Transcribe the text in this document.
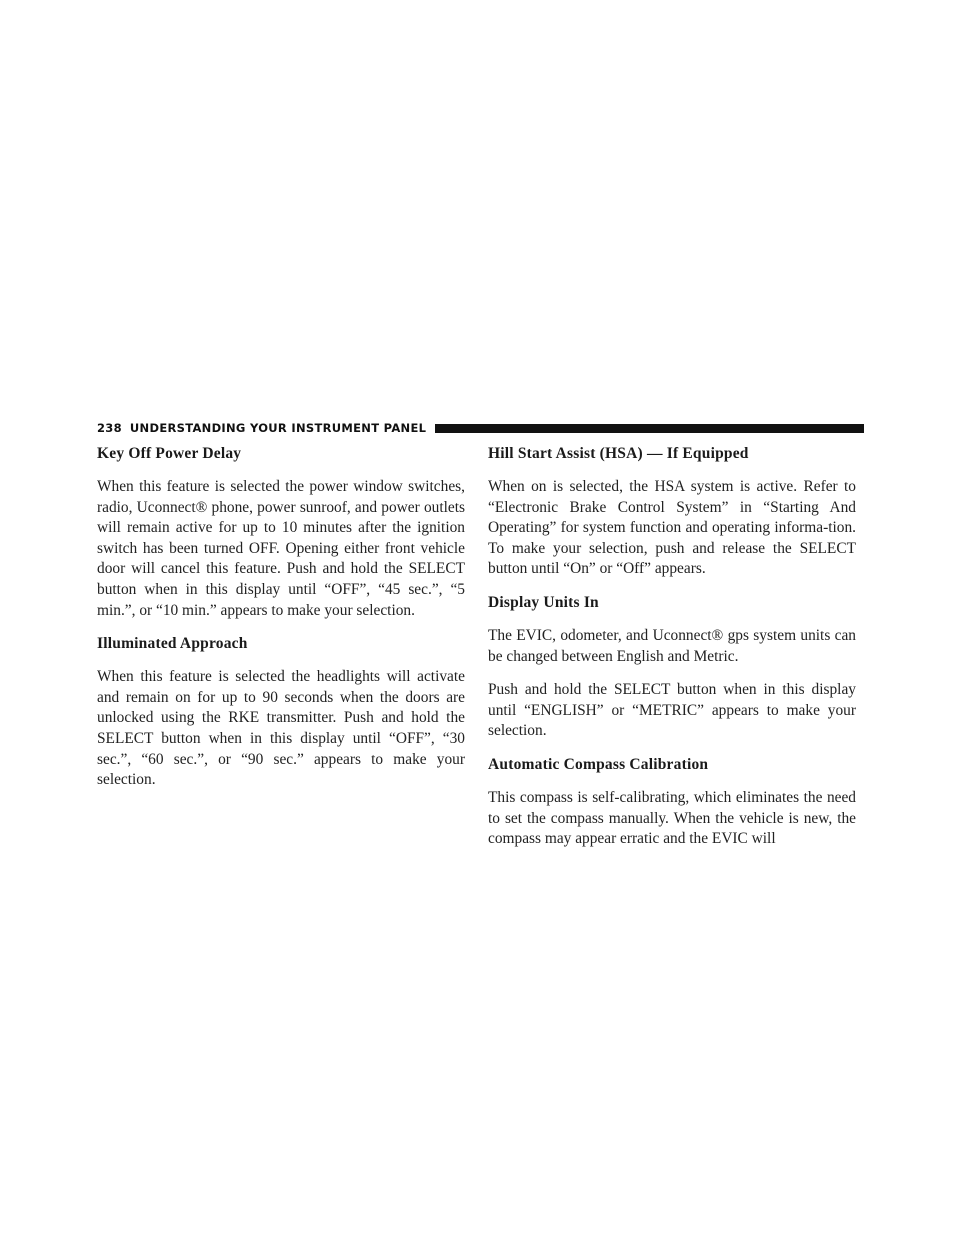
238 UNDERSTANDING YOUR INSTRUMENT PANEL
Key Off Power Delay

When this feature is selected the power window switches, radio, Uconnect® phone, power sunroof, and power outlets will remain active for up to 10 minutes after the ignition switch has been turned OFF. Opening either front vehicle door will cancel this feature. Push and hold the SELECT button when in this display until “OFF”, “45 sec.”, “5 min.”, or “10 min.” appears to make your selection.

Illuminated Approach

When this feature is selected the headlights will activate and remain on for up to 90 seconds when the doors are unlocked using the RKE transmitter. Push and hold the SELECT button when in this display until “OFF”, “30 sec.”, “60 sec.”, or “90 sec.” appears to make your selection.

Hill Start Assist (HSA) — If Equipped

When on is selected, the HSA system is active. Refer to “Electronic Brake Control System” in “Starting And Operating” for system function and operating informa-tion. To make your selection, push and release the SELECT button until “On” or “Off” appears.

Display Units In

The EVIC, odometer, and Uconnect® gps system units can be changed between English and Metric.

Push and hold the SELECT button when in this display until “ENGLISH” or “METRIC” appears to make your selection.

Automatic Compass Calibration

This compass is self-calibrating, which eliminates the need to set the compass manually. When the vehicle is new, the compass may appear erratic and the EVIC will
